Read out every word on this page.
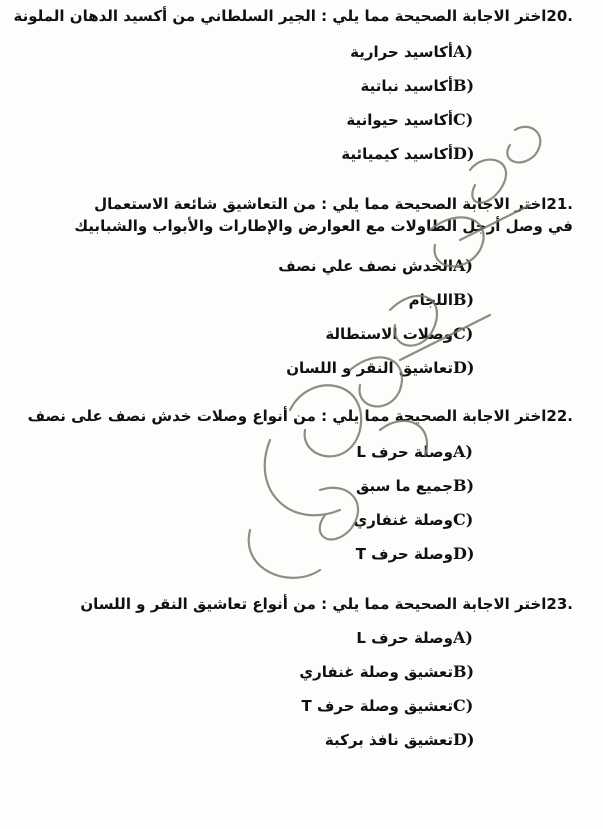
.20اختر الاجابة الصحيحة مما يلي : الجير السلطاني من أكسيد الدهان الملونة
A)
أكاسيد حرارية
B)
أكاسيد نباتية
C)
أكاسيد حيوانية
D)
أكاسيد كيميائية
.21اختر الاجابة الصحيحة مما يلي : من التعاشيق شائعة الاستعمال
في وصل أرجل الطاولات مع العوارض والإطارات والأبواب والشبابيك
A)
الخدش نصف علي نصف
B)
اللجام
C)
وصلات الاستطالة
D)
تعاشيق النقر و اللسان
.22اختر الاجابة الصحيحة مما يلي : من أنواع وصلات خدش نصف على نصف
A)
وصلة حرف L
B)
جميع ما سبق
C)
وصلة غنفاري
D)
وصلة حرف T
.23اختر الاجابة الصحيحة مما يلي : من أنواع تعاشيق النقر و اللسان
A)
وصلة حرف L
B)
تعشيق وصلة غنفاري
C)
تعشيق وصلة حرف T
D)
تعشيق نافذ بركبة
